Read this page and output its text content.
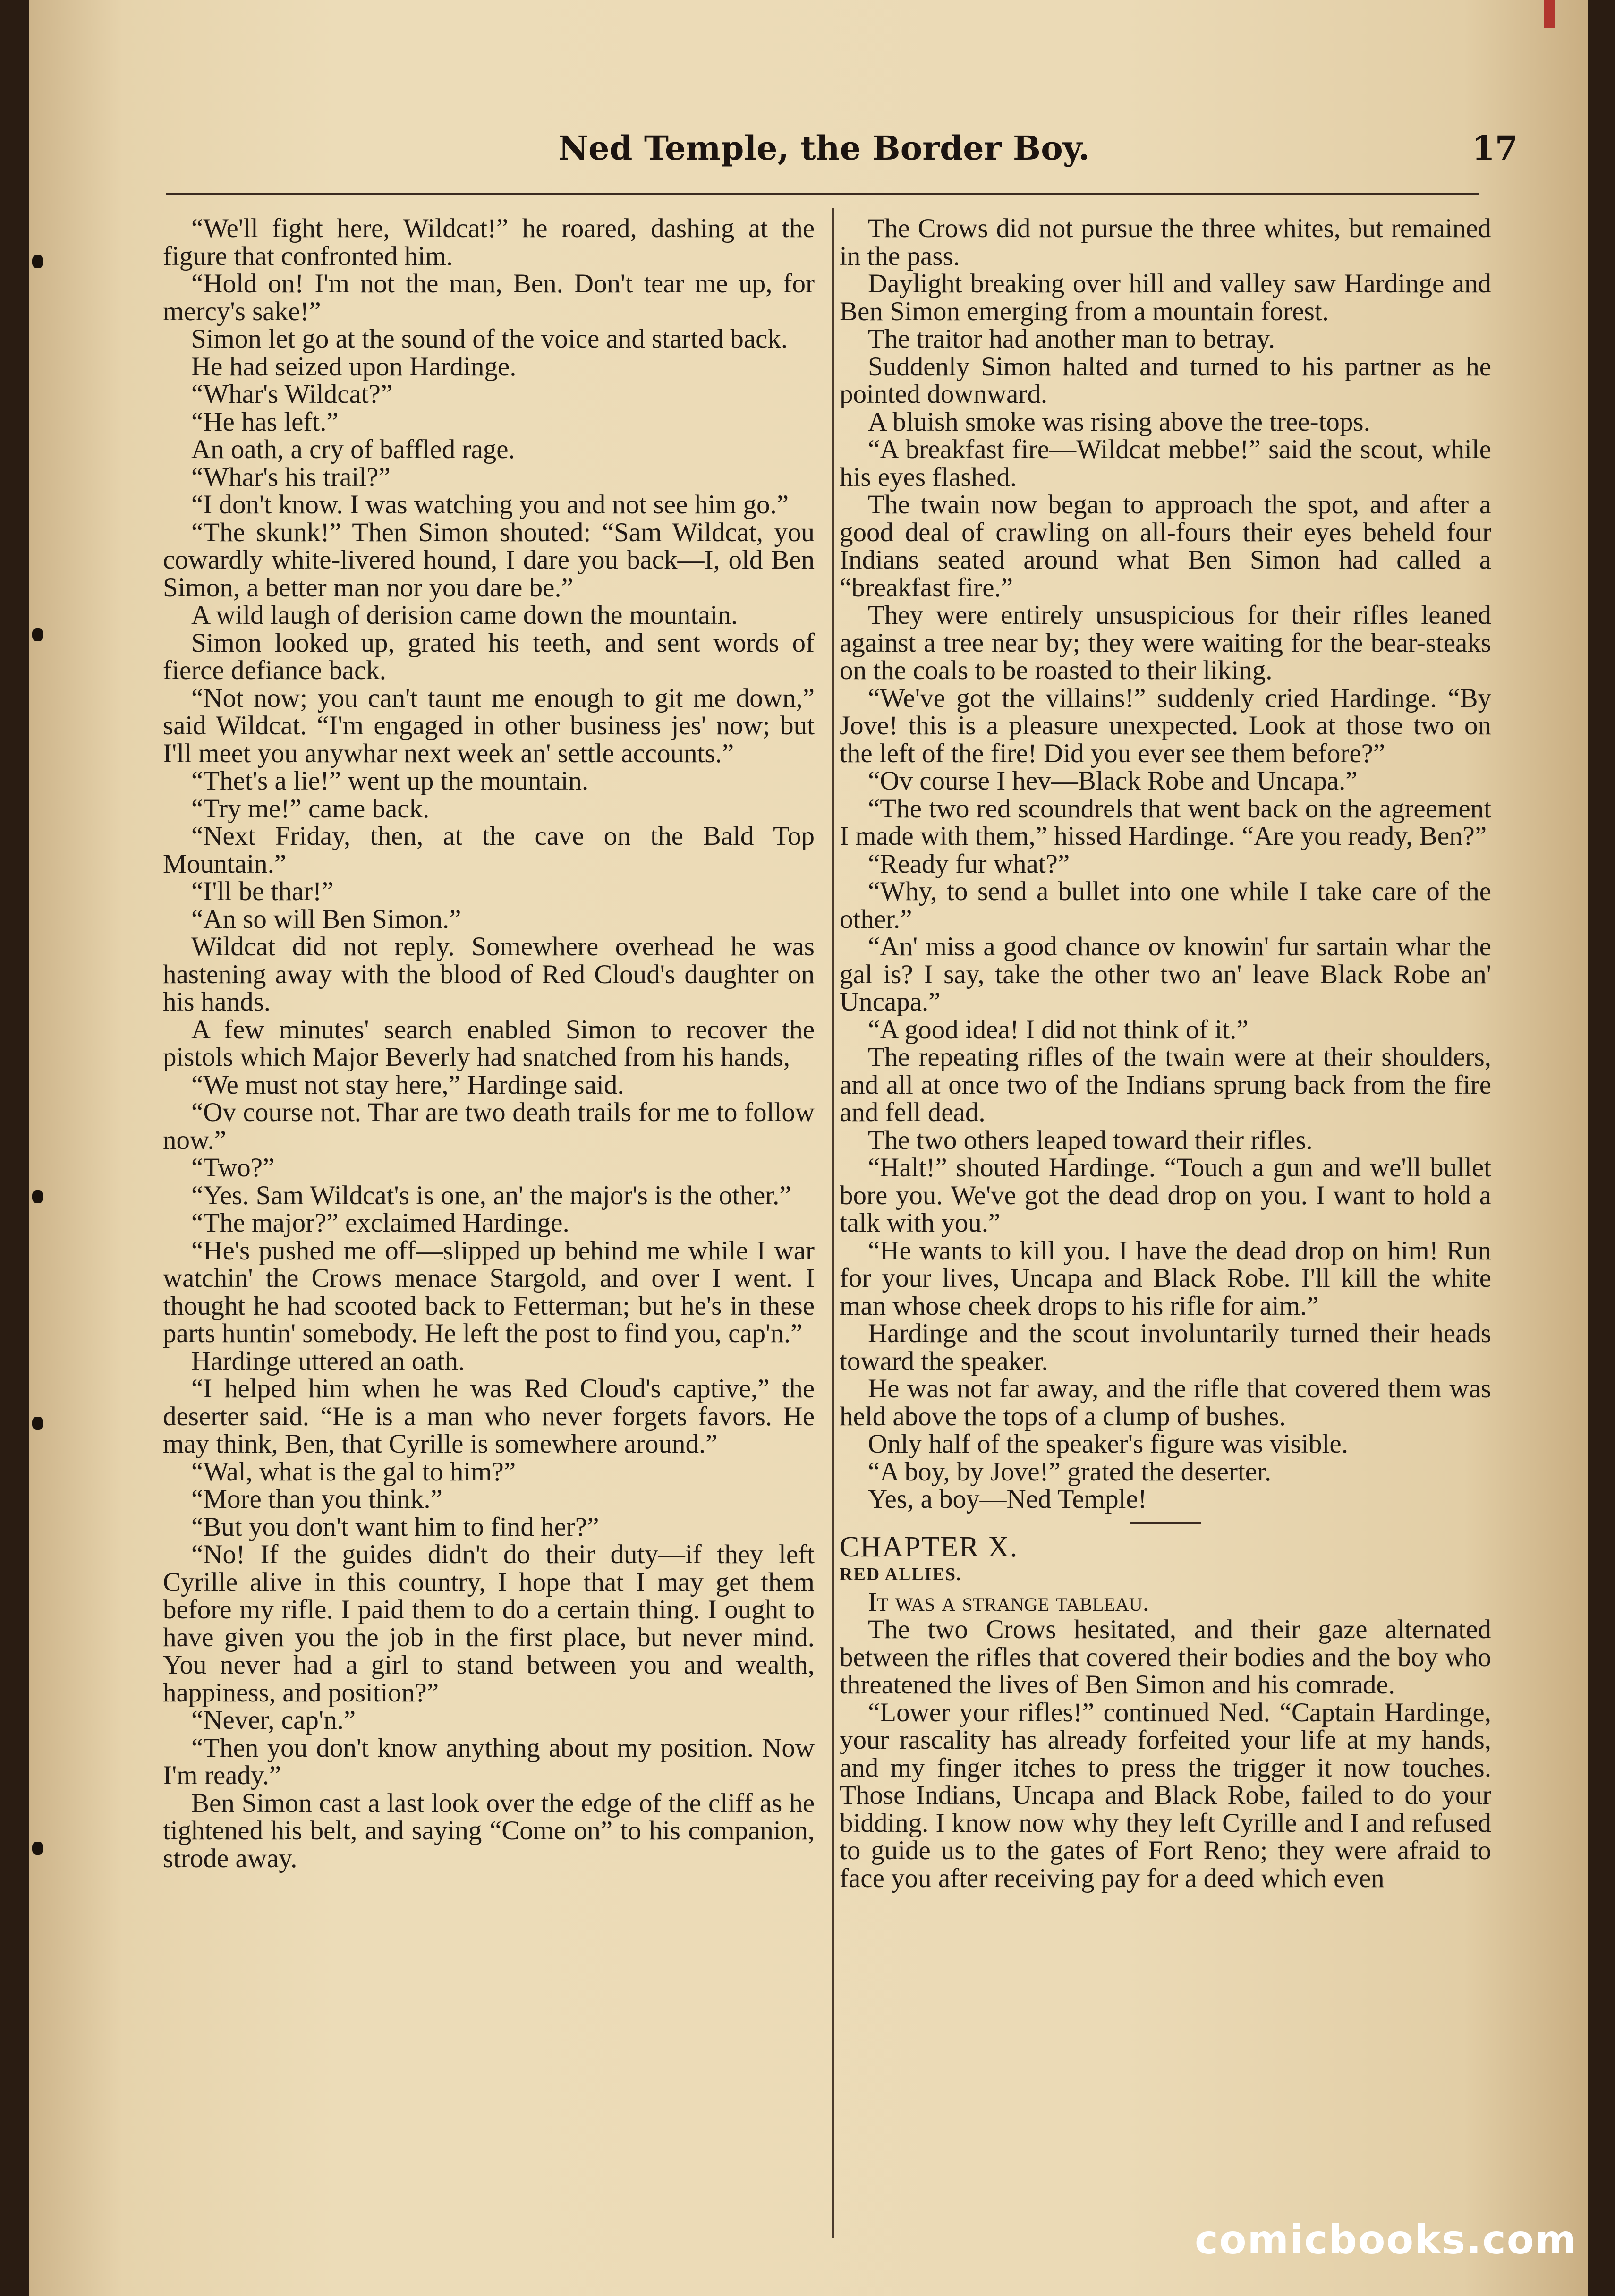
Ned Temple, the Border Boy.	17

“We'll fight here, Wildcat!” he roared, dashing at the figure that confronted him.

“Hold on! I'm not the man, Ben. Don't tear me up, for mercy's sake!”

Simon let go at the sound of the voice and started back.

He had seized upon Hardinge.

“Whar's Wildcat?”

“He has left.”

An oath, a cry of baffled rage.

“Whar's his trail?”

“I don't know. I was watching you and not see him go.”

“The skunk!” Then Simon shouted: “Sam Wildcat, you cowardly white-livered hound, I dare you back—I, old Ben Simon, a better man nor you dare be.”

A wild laugh of derision came down the mountain.

Simon looked up, grated his teeth, and sent words of fierce defiance back.

“Not now; you can't taunt me enough to git me down,” said Wildcat. “I'm engaged in other business jes' now; but I'll meet you anywhar next week an' settle accounts.”

“Thet's a lie!” went up the mountain.

“Try me!” came back.

“Next Friday, then, at the cave on the Bald Top Mountain.”

“I'll be thar!”

“An so will Ben Simon.”

Wildcat did not reply. Somewhere overhead he was hastening away with the blood of Red Cloud's daughter on his hands.

A few minutes' search enabled Simon to recover the pistols which Major Beverly had snatched from his hands,

“We must not stay here,” Hardinge said.

“Ov course not. Thar are two death trails for me to follow now.”

“Two?”

“Yes. Sam Wildcat's is one, an' the major's is the other.”

“The major?” exclaimed Hardinge.

“He's pushed me off—slipped up behind me while I war watchin' the Crows menace Stargold, and over I went. I thought he had scooted back to Fetterman; but he's in these parts huntin' somebody. He left the post to find you, cap'n.”

Hardinge uttered an oath.

“I helped him when he was Red Cloud's captive,” the deserter said. “He is a man who never forgets favors. He may think, Ben, that Cyrille is somewhere around.”

“Wal, what is the gal to him?”

“More than you think.”

“But you don't want him to find her?”

“No! If the guides didn't do their duty—if they left Cyrille alive in this country, I hope that I may get them before my rifle. I paid them to do a certain thing. I ought to have given you the job in the first place, but never mind. You never had a girl to stand between you and wealth, happiness, and position?”

“Never, cap'n.”

“Then you don't know anything about my position. Now I'm ready.”

Ben Simon cast a last look over the edge of the cliff as he tightened his belt, and saying “Come on” to his companion, strode away.

The Crows did not pursue the three whites, but remained in the pass.

Daylight breaking over hill and valley saw Hardinge and Ben Simon emerging from a mountain forest.

The traitor had another man to betray.

Suddenly Simon halted and turned to his partner as he pointed downward.

A bluish smoke was rising above the tree-tops.

“A breakfast fire—Wildcat mebbe!” said the scout, while his eyes flashed.

The twain now began to approach the spot, and after a good deal of crawling on all-fours their eyes beheld four Indians seated around what Ben Simon had called a “breakfast fire.”

They were entirely unsuspicious for their rifles leaned against a tree near by; they were waiting for the bear-steaks on the coals to be roasted to their liking.

“We've got the villains!” suddenly cried Hardinge. “By Jove! this is a pleasure unexpected. Look at those two on the left of the fire! Did you ever see them before?”

“Ov course I hev—Black Robe and Uncapa.”

“The two red scoundrels that went back on the agreement I made with them,” hissed Hardinge. “Are you ready, Ben?”

“Ready fur what?”

“Why, to send a bullet into one while I take care of the other.”

“An' miss a good chance ov knowin' fur sartain whar the gal is? I say, take the other two an' leave Black Robe an' Uncapa.”

“A good idea! I did not think of it.”

The repeating rifles of the twain were at their shoulders, and all at once two of the Indians sprung back from the fire and fell dead.

The two others leaped toward their rifles.

“Halt!” shouted Hardinge. “Touch a gun and we'll bullet bore you. We've got the dead drop on you. I want to hold a talk with you.”

“He wants to kill you. I have the dead drop on him! Run for your lives, Uncapa and Black Robe. I'll kill the white man whose cheek drops to his rifle for aim.”

Hardinge and the scout involuntarily turned their heads toward the speaker.

He was not far away, and the rifle that covered them was held above the tops of a clump of bushes.

Only half of the speaker's figure was visible.

“A boy, by Jove!” grated the deserter.

Yes, a boy—Ned Temple!

CHAPTER X.

RED ALLIES.

It was a strange tableau.

The two Crows hesitated, and their gaze alternated between the rifles that covered their bodies and the boy who threatened the lives of Ben Simon and his comrade.

“Lower your rifles!” continued Ned. “Captain Hardinge, your rascality has already forfeited your life at my hands, and my finger itches to press the trigger it now touches. Those Indians, Uncapa and Black Robe, failed to do your bidding. I know now why they left Cyrille and I and refused to guide us to the gates of Fort Reno; they were afraid to face you after receiving pay for a deed which even

comicbooks.com
